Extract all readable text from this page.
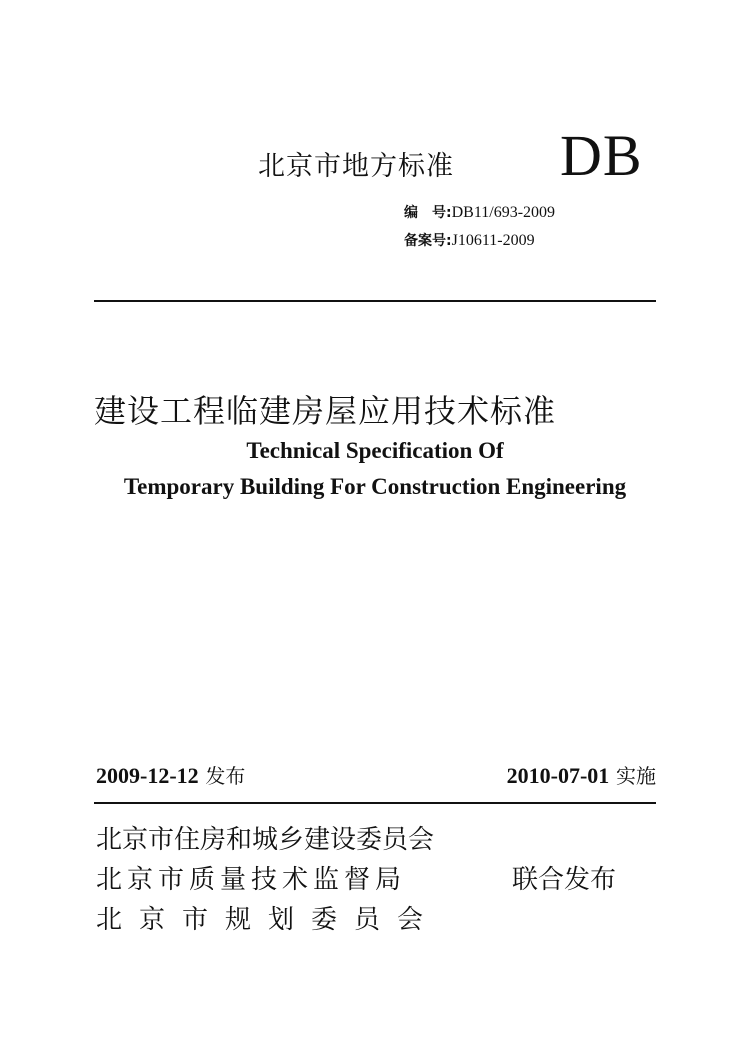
北京市地方标准 DB
编　号:DB11/693-2009
备案号:J10611-2009
建设工程临建房屋应用技术标准
Technical Specification Of
Temporary Building For Construction Engineering
2009-12-12 发布	2010-07-01 实施
北京市住房和城乡建设委员会
北京市质量技术监督局
北京市规划委员会
联合发布
